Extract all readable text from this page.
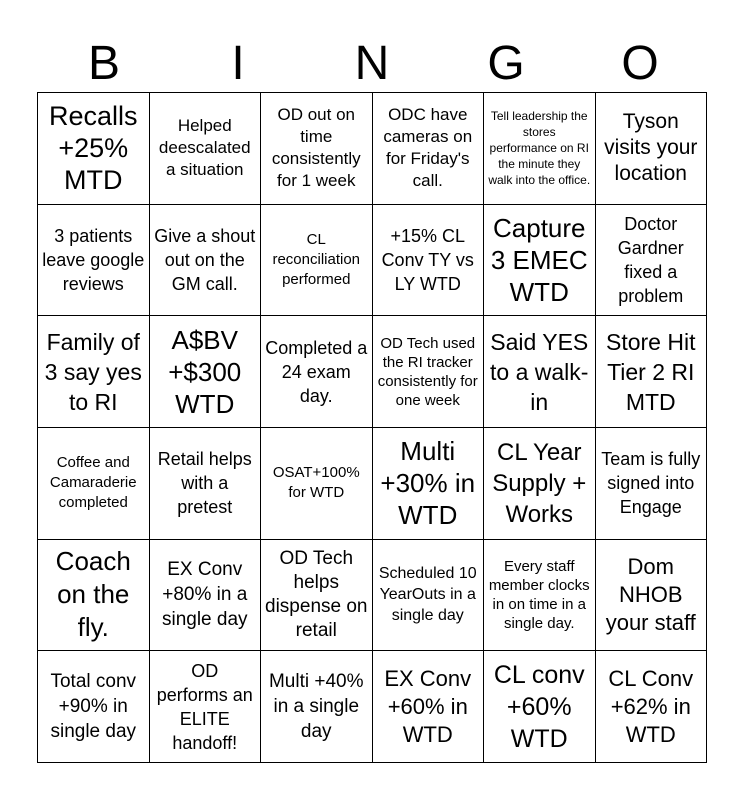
B	I	N	G	O
Recalls +25% MTD	Helped deescalated a situation	OD out on time consistently for 1 week	ODC have cameras on for Friday's call.	Tell leadership the stores performance on RI the minute they walk into the office.	Tyson visits your location

3 patients leave google reviews	Give a shout out on the GM call.	CL reconciliation performed	+15% CL Conv TY vs LY WTD	Capture 3 EMEC WTD	Doctor Gardner fixed a problem

Family of 3 say yes to RI	A$BV +$300 WTD	Completed a 24 exam day.	OD Tech used the RI tracker consistently for one week	Said YES to a walk-in	Store Hit Tier 2 RI MTD

Coffee and Camaraderie completed	Retail helps with a pretest	OSAT+100% for WTD	Multi +30% in WTD	CL Year Supply + Works	Team is fully signed into Engage

Coach on the fly.	EX Conv +80% in a single day	OD Tech helps dispense on retail	Scheduled 10 YearOuts in a single day	Every staff member clocks in on time in a single day.	Dom NHOB your staff

Total conv +90% in single day	OD performs an ELITE handoff!	Multi +40% in a single day	EX Conv +60% in WTD	CL conv +60% WTD	CL Conv +62% in WTD
